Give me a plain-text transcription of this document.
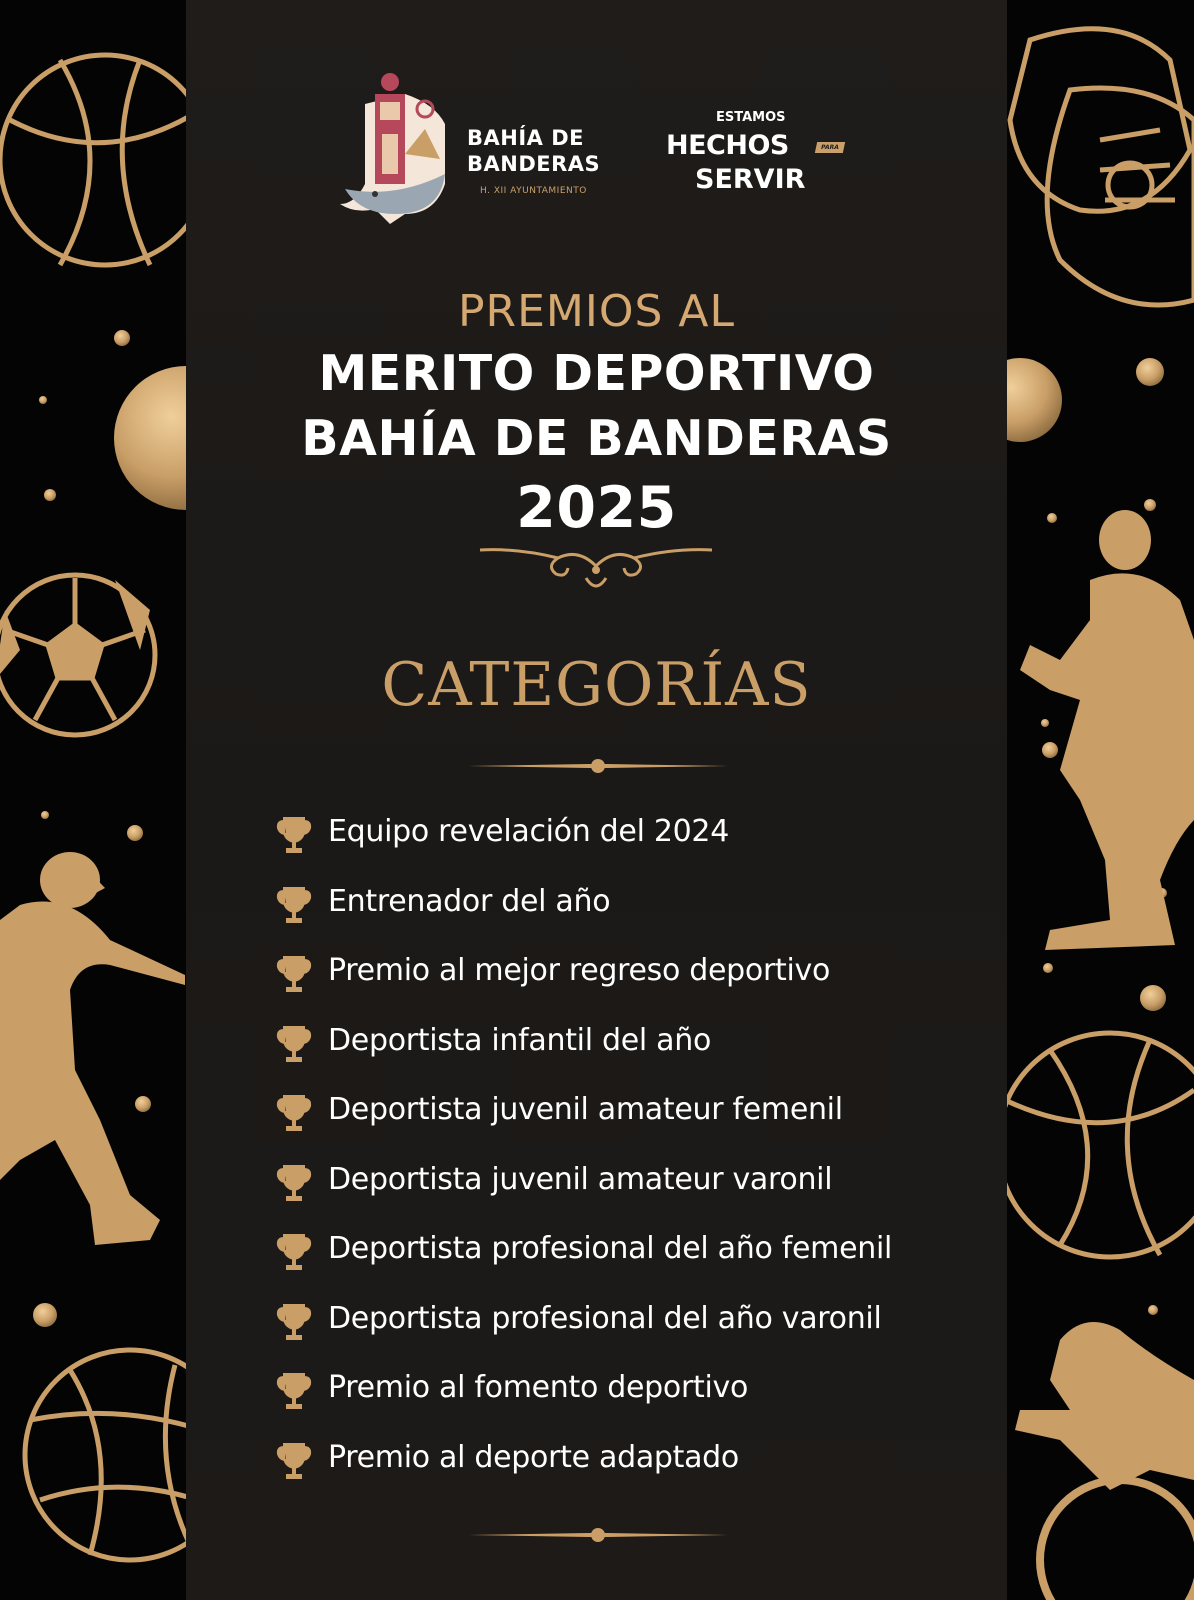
BAHÍA DE
BANDERAS
H. XII AYUNTAMIENTO
ESTAMOS
HECHOS	PARA
SERVIR
PREMIOS AL
MERITO DEPORTIVO
BAHÍA DE BANDERAS
2025
CATEGORÍAS
Equipo revelación del 2024
Entrenador del año
Premio al mejor regreso deportivo
Deportista infantil del año
Deportista juvenil amateur femenil
Deportista juvenil amateur varonil
Deportista profesional del año femenil
Deportista profesional del año varonil
Premio al fomento deportivo
Premio al deporte adaptado
